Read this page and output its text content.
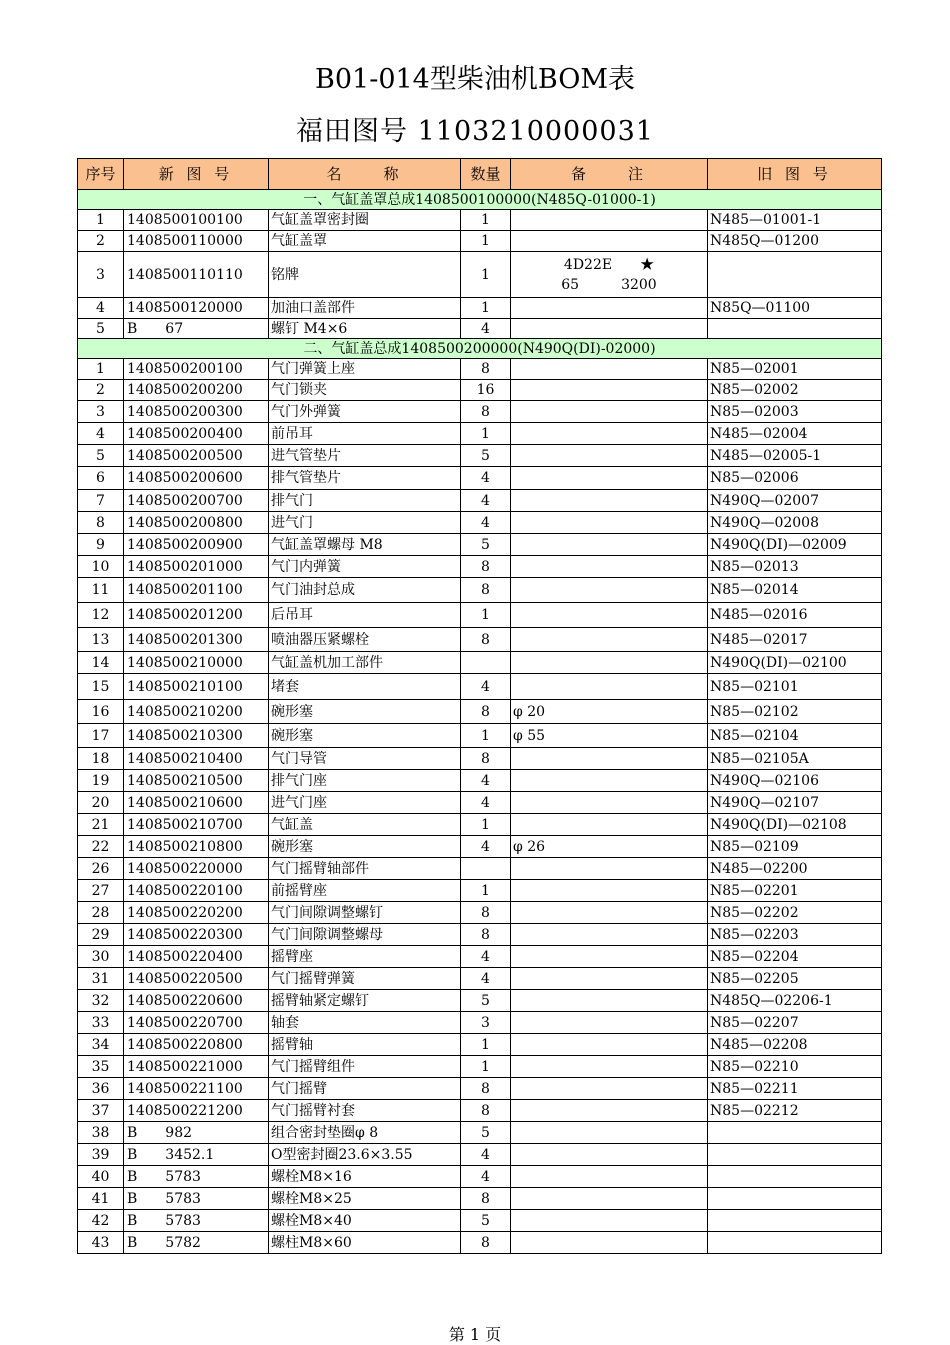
B01-014型柴油机BOM表
福田图号 1103210000031
序号	新 图 号	名　　称	数量	备　　注	旧 图 号
一、气缸盖罩总成1408500100000(N485Q-01000-1)					
1	1408500100100	气缸盖罩密封圈	1		N485—01001-1
2	1408500110000	气缸盖罩	1		N485Q—01200
3	1408500110110	铭牌	1	4D22E　　★
65　　　3200	

4	1408500120000	加油口盖部件	1		N85Q—01100
5	B　　67	螺钉 M4×6	4		
二、气缸盖总成1408500200000(N490Q(DI)-02000)					
1	1408500200100	气门弹簧上座	8		N85—02001
2	1408500200200	气门锁夹	16		N85—02002
3	1408500200300	气门外弹簧	8		N85—02003
4	1408500200400	前吊耳	1		N485—02004
5	1408500200500	进气管垫片	5		N485—02005-1
6	1408500200600	排气管垫片	4		N85—02006
7	1408500200700	排气门	4		N490Q—02007
8	1408500200800	进气门	4		N490Q—02008
9	1408500200900	气缸盖罩螺母 M8	5		N490Q(DI)—02009
10	1408500201000	气门内弹簧	8		N85—02013
11	1408500201100	气门油封总成	8		N85—02014
12	1408500201200	后吊耳	1		N485—02016
13	1408500201300	喷油器压紧螺栓	8		N485—02017
14	1408500210000	气缸盖机加工部件			N490Q(DI)—02100
15	1408500210100	堵套	4		N85—02101
16	1408500210200	碗形塞	8	φ 20	N85—02102
17	1408500210300	碗形塞	1	φ 55	N85—02104
18	1408500210400	气门导管	8		N85—02105A
19	1408500210500	排气门座	4		N490Q—02106
20	1408500210600	进气门座	4		N490Q—02107
21	1408500210700	气缸盖	1		N490Q(DI)—02108
22	1408500210800	碗形塞	4	φ 26	N85—02109
26	1408500220000	气门摇臂轴部件			N485—02200
27	1408500220100	前摇臂座	1		N85—02201
28	1408500220200	气门间隙调整螺钉	8		N85—02202
29	1408500220300	气门间隙调整螺母	8		N85—02203
30	1408500220400	摇臂座	4		N85—02204
31	1408500220500	气门摇臂弹簧	4		N85—02205
32	1408500220600	摇臂轴紧定螺钉	5		N485Q—02206-1
33	1408500220700	轴套	3		N85—02207
34	1408500220800	摇臂轴	1		N485—02208
35	1408500221000	气门摇臂组件	1		N85—02210
36	1408500221100	气门摇臂	8		N85—02211
37	1408500221200	气门摇臂衬套	8		N85—02212
38	B　　982	组合密封垫圈φ 8	5		
39	B　　3452.1	O型密封圈23.6×3.55	4		
40	B　　5783	螺栓M8×16	4		
41	B　　5783	螺栓M8×25	8		
42	B　　5783	螺栓M8×40	5		
43	B　　5782	螺柱M8×60	8		
第 1 页
